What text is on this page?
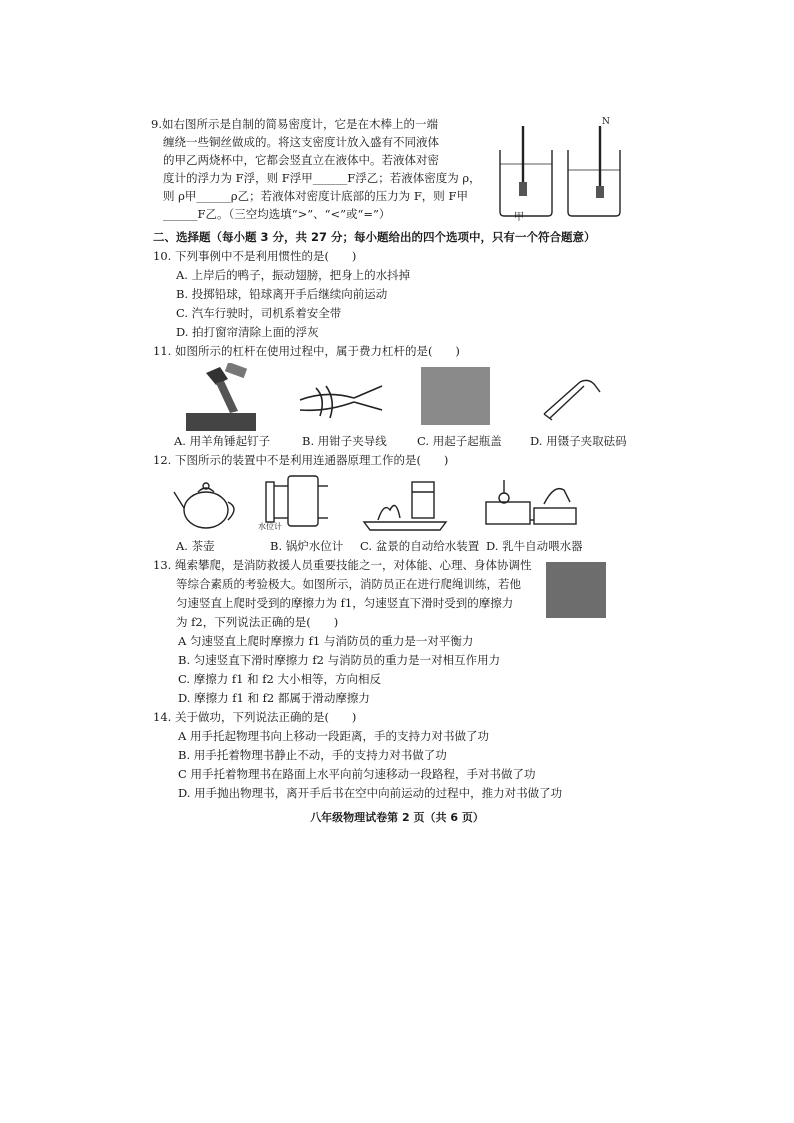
9.如右图所示是自制的简易密度计，它是在木棒上的一端
缠绕一些铜丝做成的。将这支密度计放入盛有不同液体
的甲乙两烧杯中，它都会竖直立在液体中。若液体对密
度计的浮力为 F浮，则 F浮甲______F浮乙；若液体密度为 ρ，
则 ρ甲______ρ乙；若液体对密度计底部的压力为 F，则 F甲
______F乙。（三空均选填“>”、“<”或“=”）	甲
N
二、选择题（每小题 3 分，共 27 分；每小题给出的四个选项中，只有一个符合题意）
10. 下列事例中不是利用惯性的是(　　)
A. 上岸后的鸭子，振动翅膀，把身上的水抖掉
B. 投掷铅球，铅球离开手后继续向前运动
C. 汽车行驶时，司机系着安全带
D. 拍打窗帘清除上面的浮灰
11. 如图所示的杠杆在使用过程中，属于费力杠杆的是(　　)
A. 用羊角锤起钉子	B. 用钳子夹导线	C. 用起子起瓶盖 D. 用镊子夹取砝码
12. 下图所示的装置中不是利用连通器原理工作的是(　　)
水位计
A. 茶壶	B. 锅炉水位计 C. 盆景的自动给水装置 D. 乳牛自动喂水器
13. 绳索攀爬，是消防救援人员重要技能之一，对体能、心理、身体协调性
等综合素质的考验极大。如图所示，消防员正在进行爬绳训练，若他
匀速竖直上爬时受到的摩擦力为 f1，匀速竖直下滑时受到的摩擦力
为 f2，下列说法正确的是(　　)
A 匀速竖直上爬时摩擦力 f1 与消防员的重力是一对平衡力
B. 匀速竖直下滑时摩擦力 f2 与消防员的重力是一对相互作用力
C. 摩擦力 f1 和 f2 大小相等，方向相反
D. 摩擦力 f1 和 f2 都属于滑动摩擦力
14. 关于做功，下列说法正确的是(　　)
A 用手托起物理书向上移动一段距离，手的支持力对书做了功
B. 用手托着物理书静止不动，手的支持力对书做了功
C 用手托着物理书在路面上水平向前匀速移动一段路程，手对书做了功
D. 用手抛出物理书，离开手后书在空中向前运动的过程中，推力对书做了功
八年级物理试卷第 2 页（共 6 页）
